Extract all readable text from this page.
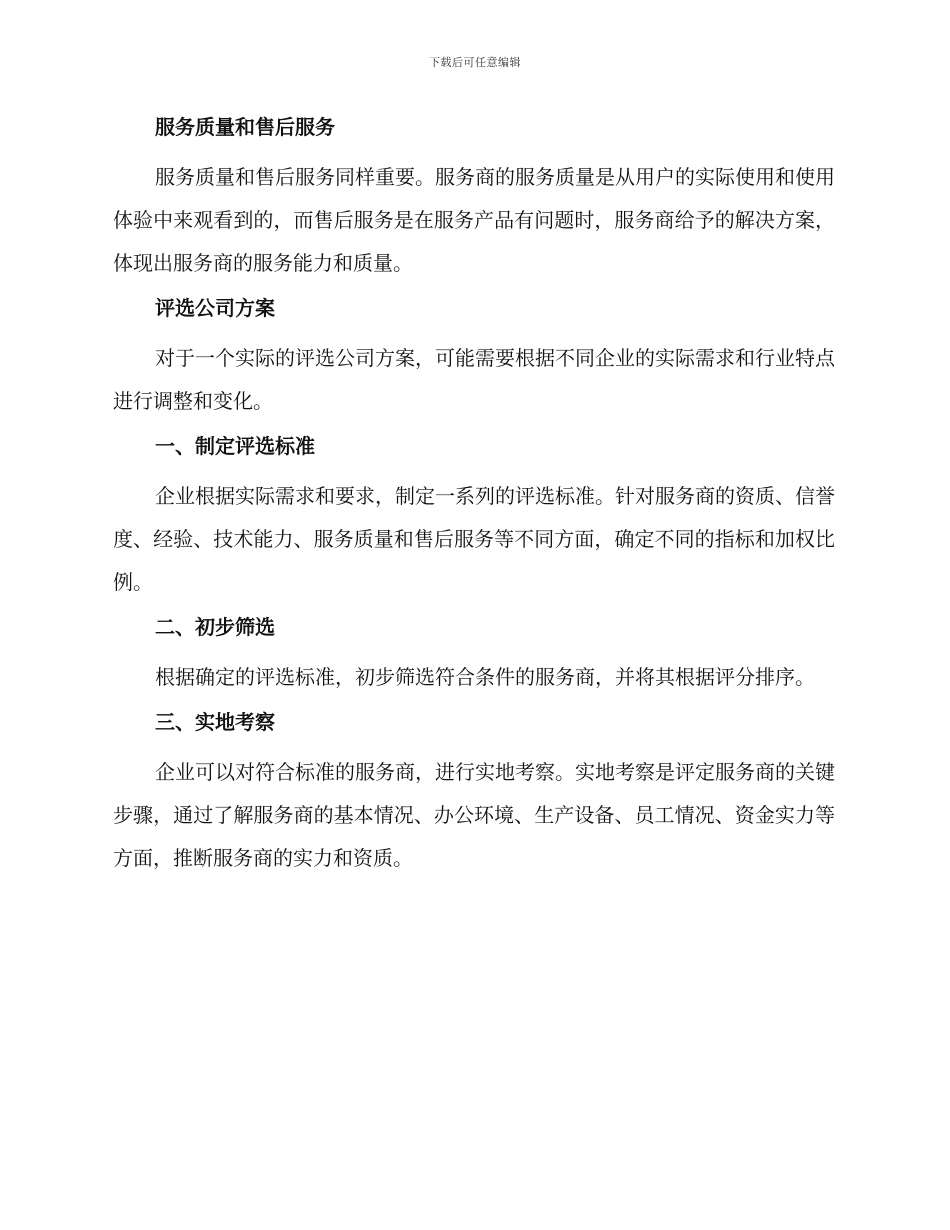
下载后可任意编辑
服务质量和售后服务

服务质量和售后服务同样重要。服务商的服务质量是从用户的实际使用和使用体验中来观看到的，而售后服务是在服务产品有问题时，服务商给予的解决方案，体现出服务商的服务能力和质量。

评选公司方案

对于一个实际的评选公司方案，可能需要根据不同企业的实际需求和行业特点进行调整和变化。

一、制定评选标准

企业根据实际需求和要求，制定一系列的评选标准。针对服务商的资质、信誉度、经验、技术能力、服务质量和售后服务等不同方面，确定不同的指标和加权比例。

二、初步筛选

根据确定的评选标准，初步筛选符合条件的服务商，并将其根据评分排序。

三、实地考察

企业可以对符合标准的服务商，进行实地考察。实地考察是评定服务商的关键步骤，通过了解服务商的基本情况、办公环境、生产设备、员工情况、资金实力等方面，推断服务商的实力和资质。
